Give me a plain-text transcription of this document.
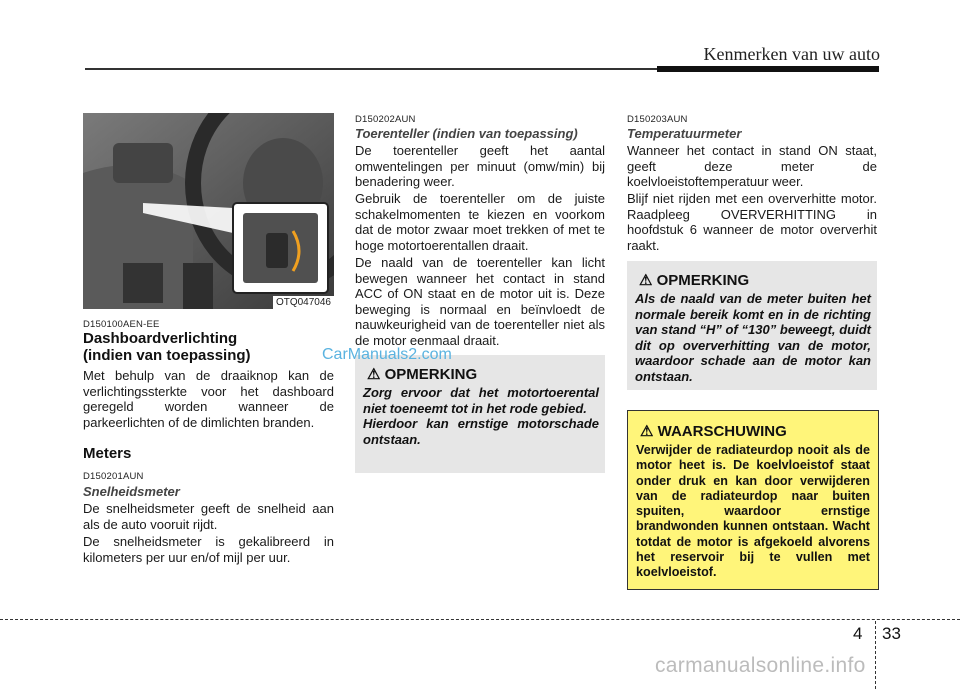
Kenmerken van uw auto
OTQ047046
D150100AEN-EE
Dashboardverlichting
(indien van toepassing)

Met behulp van de draaiknop kan de verlichtingssterkte voor het dashboard geregeld worden wanneer de parkeerlichten of de dimlichten branden.

Meters
D150201AUN
Snelheidsmeter

De snelheidsmeter geeft de snelheid aan als de auto vooruit rijdt.

De snelheidsmeter is gekalibreerd in kilometers per uur en/of mijl per uur.

D150202AUN
Toerenteller (indien van toepassing)

De toerenteller geeft het aantal omwentelingen per minuut (omw/min) bij benadering weer.

Gebruik de toerenteller om de juiste schakelmomenten te kiezen en voorkom dat de motor zwaar moet trekken of met te hoge motortoerentallen draait.

De naald van de toerenteller kan licht bewegen wanneer het contact in stand ACC of ON staat en de motor uit is. Deze beweging is normaal en beïnvloedt de nauwkeurigheid van de toerenteller niet als de motor eenmaal draait.

⚠ OPMERKING
Zorg ervoor dat het motortoerental niet toeneemt tot in het rode gebied.
Hierdoor kan ernstige motorschade ontstaan.
D150203AUN
Temperatuurmeter

Wanneer het contact in stand ON staat, geeft deze meter de koelvloeistoftemperatuur weer.

Blijf niet rijden met een oververhitte motor. Raadpleeg OVERVERHITTING in hoofdstuk 6 wanneer de motor oververhit raakt.

⚠ OPMERKING
Als de naald van de meter buiten het normale bereik komt en in de richting van stand “H” of “130” beweegt, duidt dit op oververhitting van de motor, waardoor schade aan de motor kan ontstaan.
⚠ WAARSCHUWING
Verwijder de radiateurdop nooit als de motor heet is. De koelvloeistof staat onder druk en kan door verwijderen van de radiateurdop naar buiten spuiten, waardoor ernstige brandwonden kunnen ontstaan. Wacht totdat de motor is afgekoeld alvorens het reservoir bij te vullen met koelvloeistof.
CarManuals2.com
4 33
carmanualsonline.info
